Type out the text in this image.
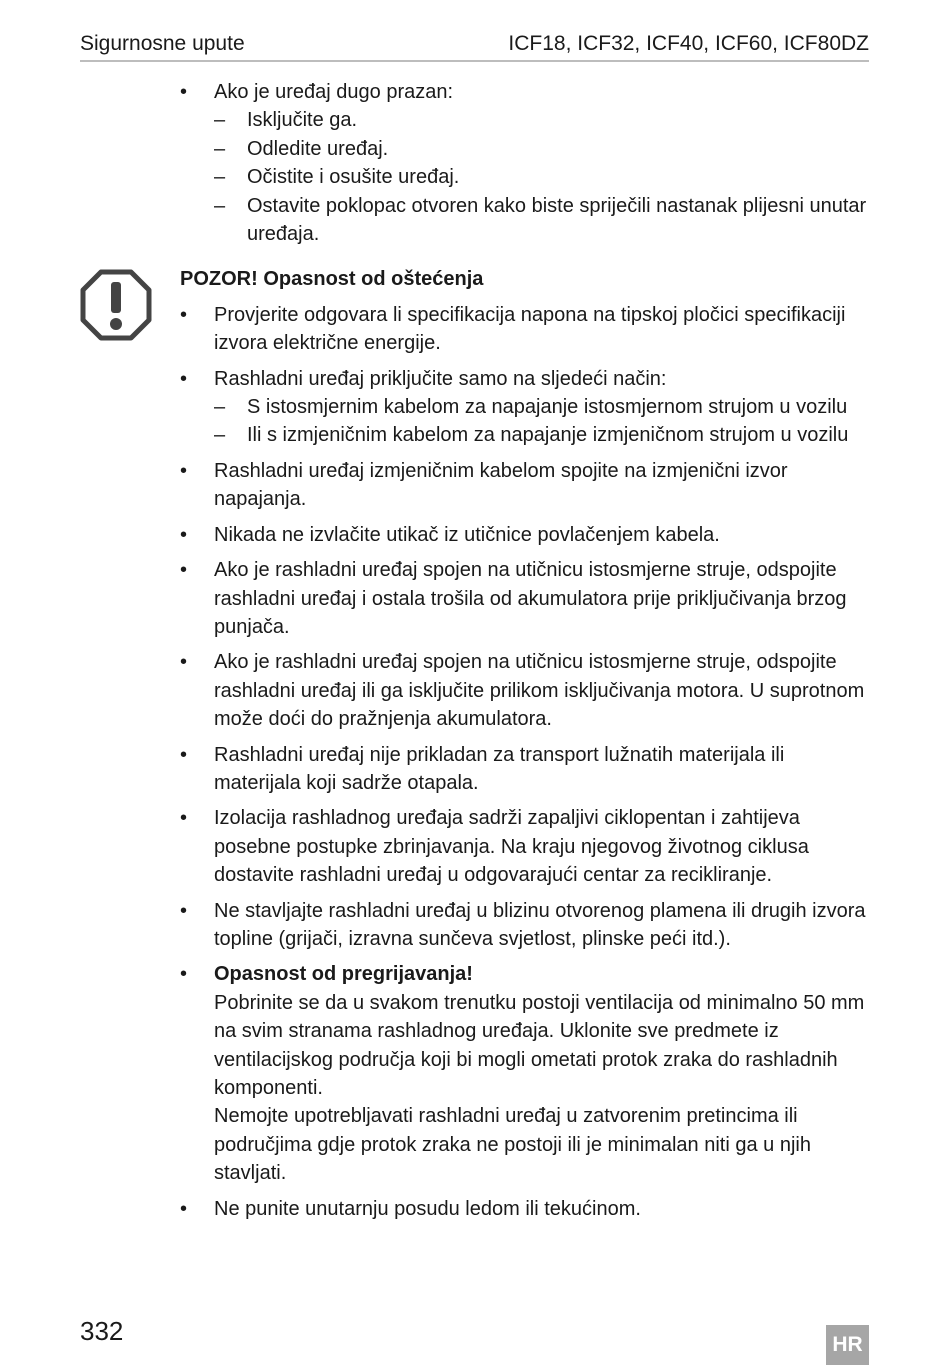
Sigurnosne upute	ICF18, ICF32, ICF40, ICF60, ICF80DZ
• Ako je uređaj dugo prazan:
– Isključite ga.
– Odledite uređaj.
– Očistite i osušite uređaj.
– Ostavite poklopac otvoren kako biste spriječili nastanak plijesni unutar uređaja.
POZOR! Opasnost od oštećenja
• Provjerite odgovara li specifikacija napona na tipskoj pločici specifikaciji izvora električne energije.
• Rashladni uređaj priključite samo na sljedeći način:
– S istosmjernim kabelom za napajanje istosmjernom strujom u vozilu
– Ili s izmjeničnim kabelom za napajanje izmjeničnom strujom u vozilu
• Rashladni uređaj izmjeničnim kabelom spojite na izmjenični izvor napajanja.
• Nikada ne izvlačite utikač iz utičnice povlačenjem kabela.
• Ako je rashladni uređaj spojen na utičnicu istosmjerne struje, odspojite rashladni uređaj i ostala trošila od akumulatora prije priključivanja brzog punjača.
• Ako je rashladni uređaj spojen na utičnicu istosmjerne struje, odspojite rashladni uređaj ili ga isključite prilikom isključivanja motora. U suprotnom može doći do pražnjenja akumulatora.
• Rashladni uređaj nije prikladan za transport lužnatih materijala ili materijala koji sadrže otapala.
• Izolacija rashladnog uređaja sadrži zapaljivi ciklopentan i zahtijeva posebne postupke zbrinjavanja. Na kraju njegovog životnog ciklusa dostavite rashladni uređaj u odgovarajući centar za recikliranje.
• Ne stavljajte rashladni uređaj u blizinu otvorenog plamena ili drugih izvora topline (grijači, izravna sunčeva svjetlost, plinske peći itd.).
• Opasnost od pregrijavanja!
Pobrinite se da u svakom trenutku postoji ventilacija od minimalno 50 mm na svim stranama rashladnog uređaja. Uklonite sve predmete iz ventilacijskog područja koji bi mogli ometati protok zraka do rashladnih komponenti.
Nemojte upotrebljavati rashladni uređaj u zatvorenim pretincima ili područjima gdje protok zraka ne postoji ili je minimalan niti ga u njih stavljati.
• Ne punite unutarnju posudu ledom ili tekućinom.
332	HR
